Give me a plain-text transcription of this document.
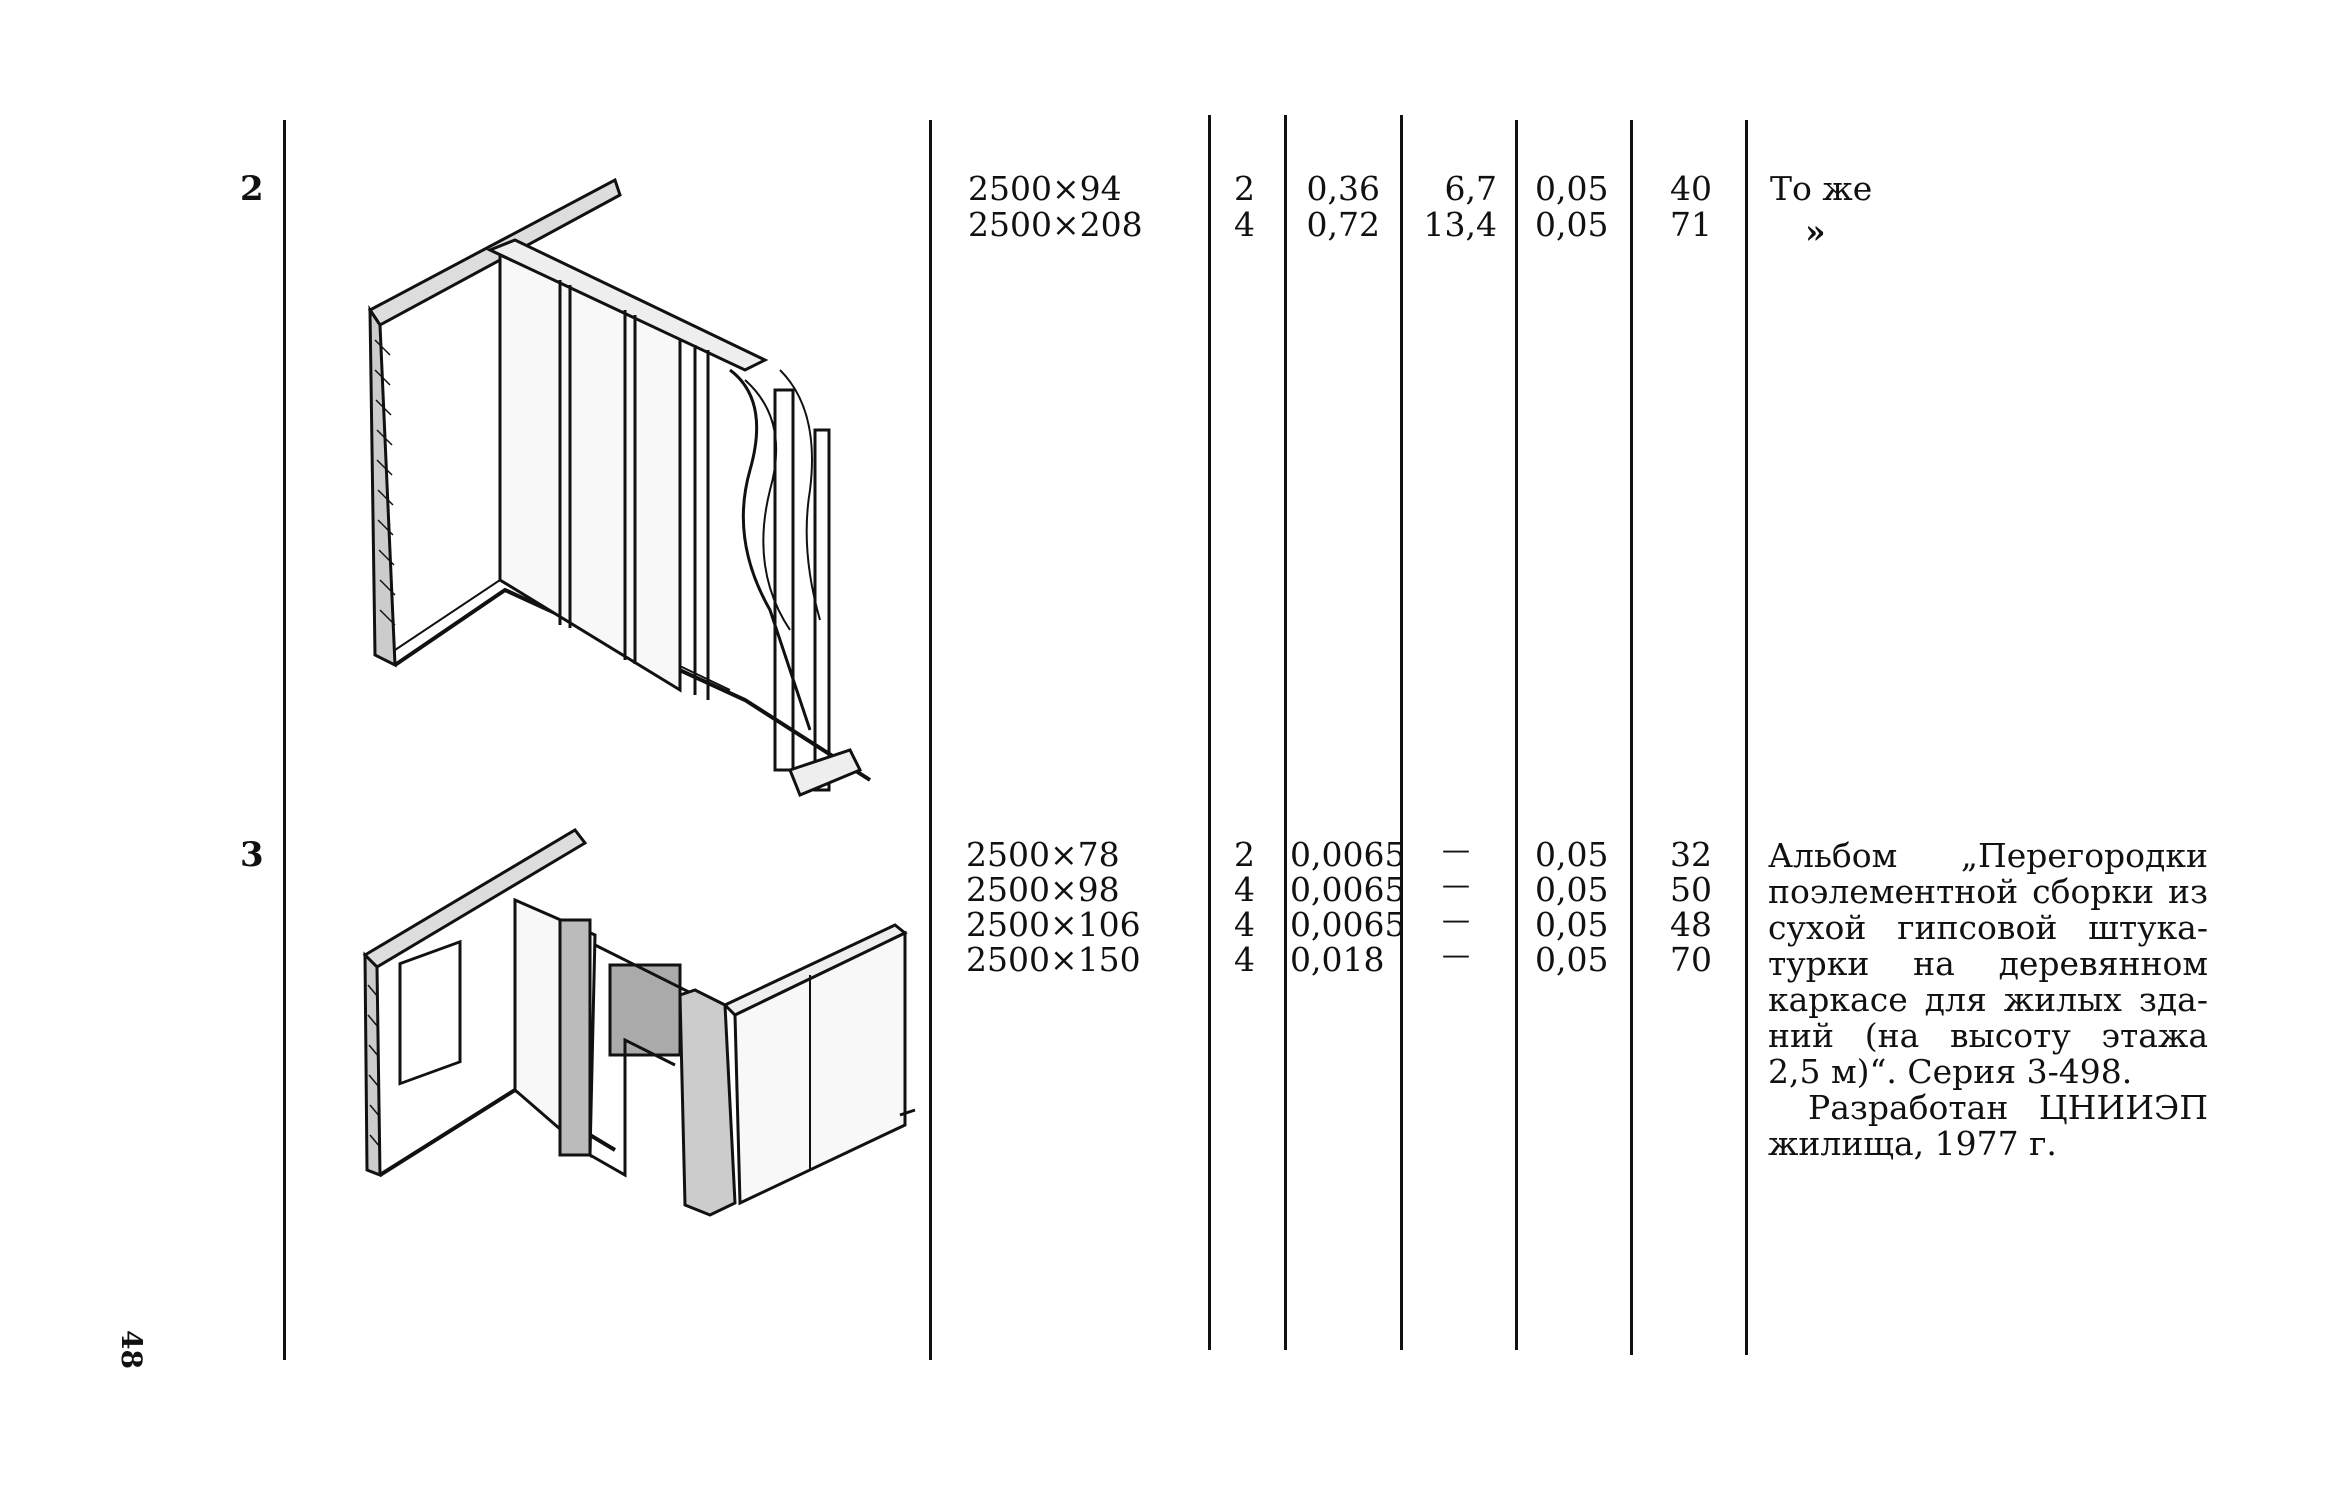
2	2500×94
2500×208
2
4
0,36
0,72
6,7
13,4
0,05
0,05
40
71
То же
»
3	2500×78
2500×98
2500×106
2500×150
2
4
4
4
0,0065
0,0065
0,0065
0,018
—
—
—
—
0,05
0,05
0,05
0,05
32
50
48
70
Альбом „Перегородки
поэлементной сборки из
сухой гипсовой штука-
турки на деревянном
каркасе для жилых зда-
ний (на высоту этажа
2,5 м)“. Серия 3-498.
Разработан ЦНИИЭП
жилища, 1977 г.
48
